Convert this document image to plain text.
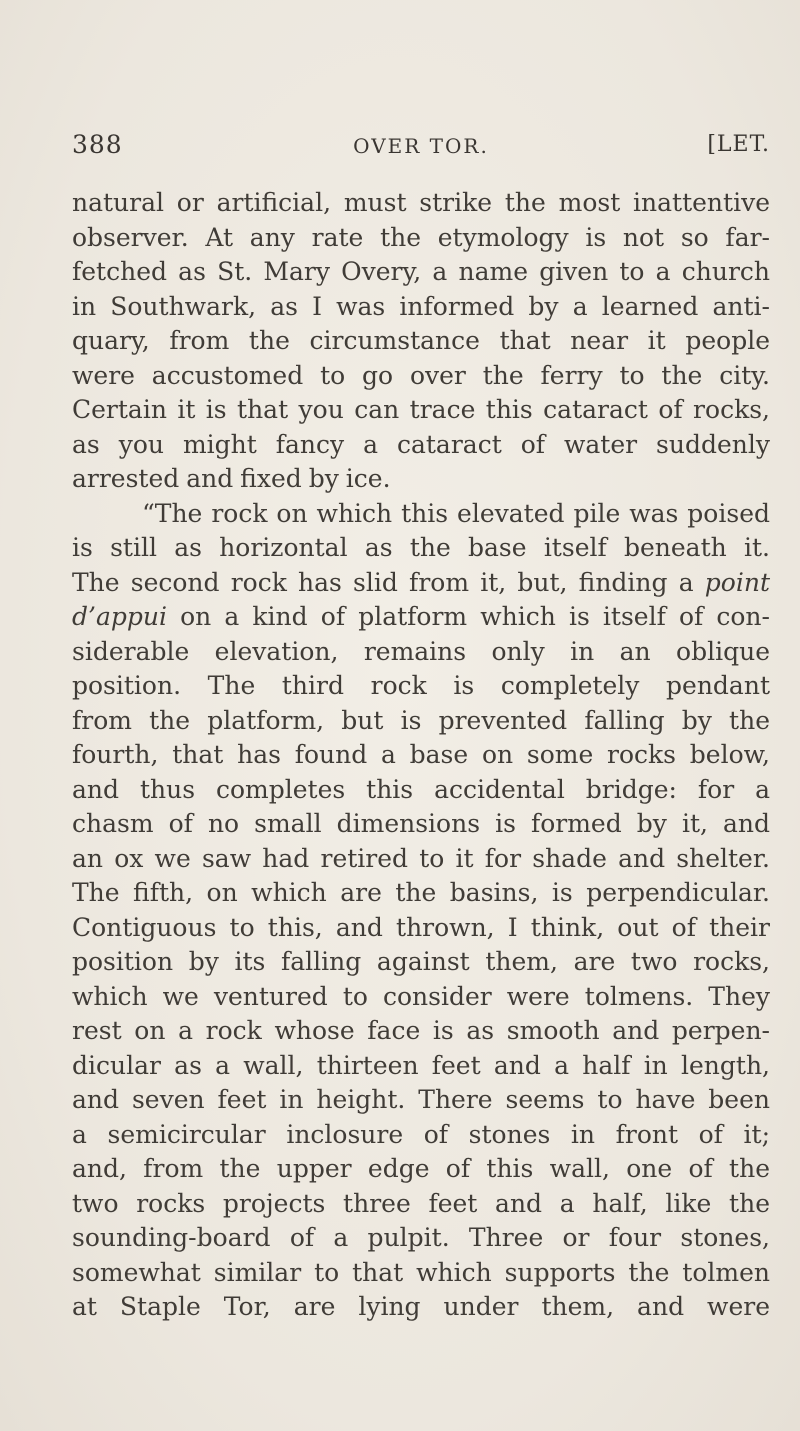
388	OVER TOR.	[LET.
natural or artificial, must strike the most inattentive
observer. At any rate the etymology is not so far-
fetched as St. Mary Overy, a name given to a church
in Southwark, as I was informed by a learned anti-
quary, from the circumstance that near it people
were accustomed to go over the ferry to the city.
Certain it is that you can trace this cataract of rocks,
as you might fancy a cataract of water suddenly
arrested and fixed by ice.
“The rock on which this elevated pile was poised
is still as horizontal as the base itself beneath it.
The second rock has slid from it, but, finding a point
d’appui on a kind of platform which is itself of con-
siderable elevation, remains only in an oblique
position. The third rock is completely pendant
from the platform, but is prevented falling by the
fourth, that has found a base on some rocks below,
and thus completes this accidental bridge: for a
chasm of no small dimensions is formed by it, and
an ox we saw had retired to it for shade and shelter.
The fifth, on which are the basins, is perpendicular.
Contiguous to this, and thrown, I think, out of their
position by its falling against them, are two rocks,
which we ventured to consider were tolmens. They
rest on a rock whose face is as smooth and perpen-
dicular as a wall, thirteen feet and a half in length,
and seven feet in height. There seems to have been
a semicircular inclosure of stones in front of it;
and, from the upper edge of this wall, one of the
two rocks projects three feet and a half, like the
sounding-board of a pulpit. Three or four stones,
somewhat similar to that which supports the tolmen
at Staple Tor, are lying under them, and were
